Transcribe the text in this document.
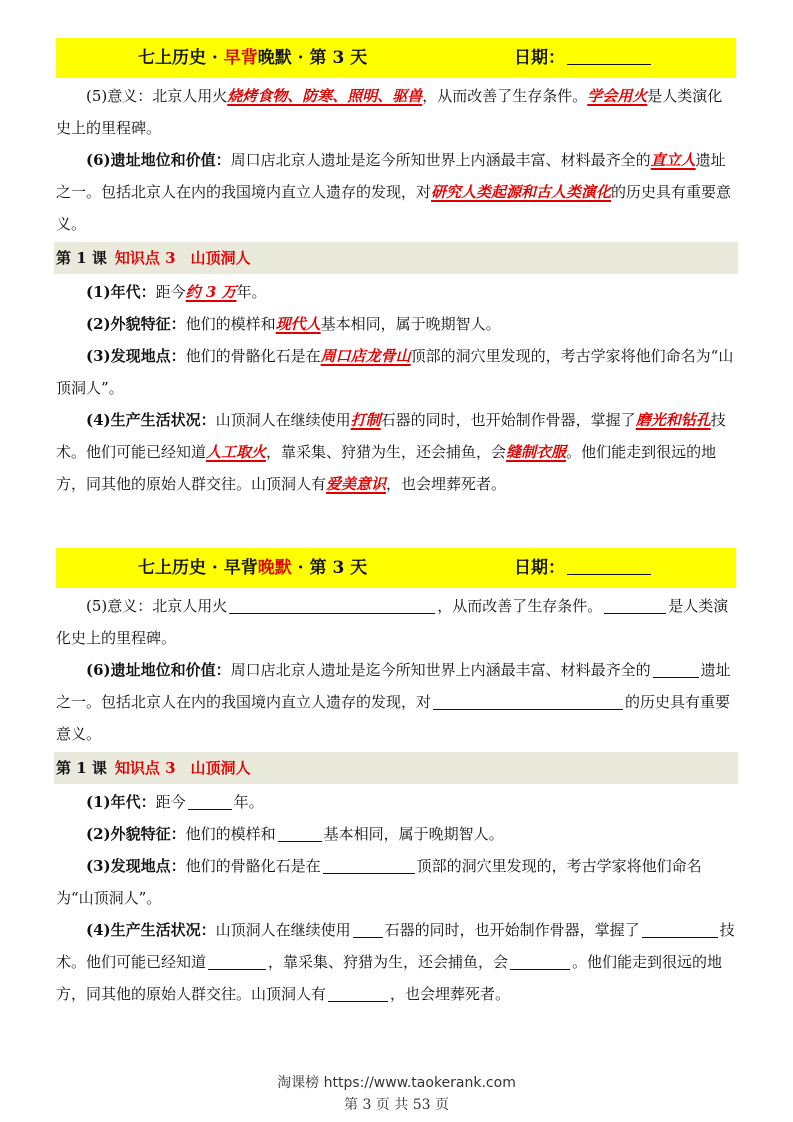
七上历史 · 早背晚默 · 第 3 天	日期：

(5)意义：北京人用火烧烤食物、防寒、照明、驱兽，从而改善了生存条件。学会用火是人类演化史上的里程碑。

(6)遗址地位和价值：周口店北京人遗址是迄今所知世界上内涵最丰富、材料最齐全的直立人遗址之一。包括北京人在内的我国境内直立人遗存的发现，对研究人类起源和古人类演化的历史具有重要意义。

第 1 课 知识点 3　山顶洞人

(1)年代：距今约 3 万年。

(2)外貌特征：他们的模样和现代人基本相同，属于晚期智人。

(3)发现地点：他们的骨骼化石是在周口店龙骨山顶部的洞穴里发现的，考古学家将他们命名为“山顶洞人”。

(4)生产生活状况：山顶洞人在继续使用打制石器的同时，也开始制作骨器，掌握了磨光和钻孔技术。他们可能已经知道人工取火，靠采集、狩猎为生，还会捕鱼，会缝制衣服。他们能走到很远的地方，同其他的原始人群交往。山顶洞人有爱美意识，也会埋葬死者。

七上历史 · 早背晚默 · 第 3 天	日期：

(5)意义：北京人用火	，从而改善了生存条件。	是人类演化史上的里程碑。

(6)遗址地位和价值：周口店北京人遗址是迄今所知世界上内涵最丰富、材料最齐全的	遗址之一。包括北京人在内的我国境内直立人遗存的发现，对	的历史具有重要意义。

第 1 课 知识点 3　山顶洞人

(1)年代：距今	年。

(2)外貌特征：他们的模样和	基本相同，属于晚期智人。

(3)发现地点：他们的骨骼化石是在	顶部的洞穴里发现的，考古学家将他们命名为“山顶洞人”。

(4)生产生活状况：山顶洞人在继续使用 石器的同时，也开始制作骨器，掌握了	技术。他们可能已经知道	，靠采集、狩猎为生，还会捕鱼，会	。他们能走到很远的地方，同其他的原始人群交往。山顶洞人有	，也会埋葬死者。

淘课榜 https://www.taokerank.com
第 3 页 共 53 页
